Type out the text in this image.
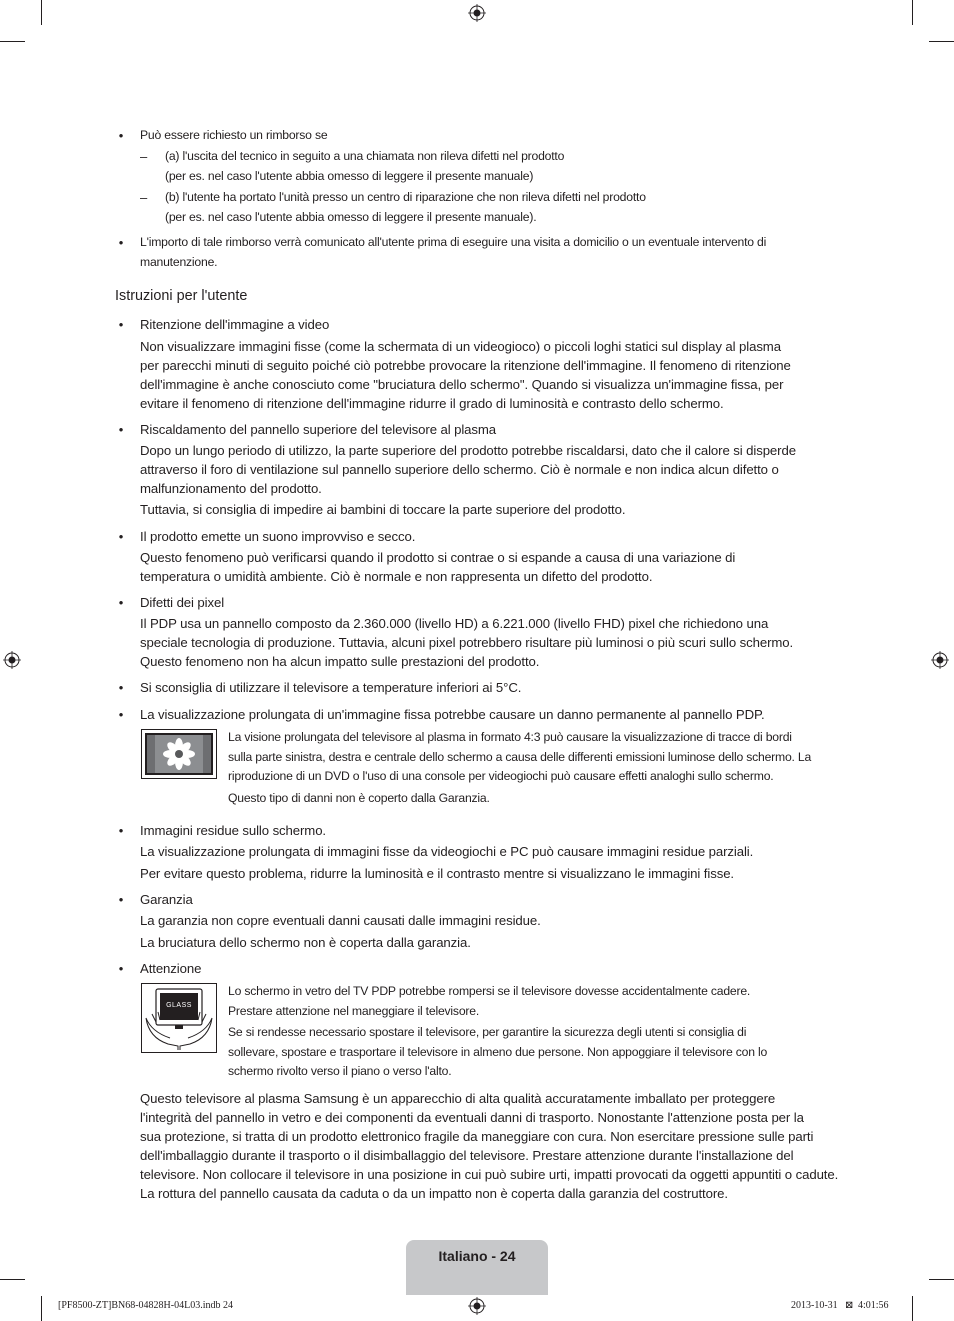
• Può essere richiesto un rimborso se
– (a) l'uscita del tecnico in seguito a una chiamata non rileva difetti nel prodotto
(per es. nel caso l'utente abbia omesso di leggere il presente manuale)
– (b) l'utente ha portato l'unità presso un centro di riparazione che non rileva difetti nel prodotto
(per es. nel caso l'utente abbia omesso di leggere il presente manuale).
• L'importo di tale rimborso verrà comunicato all'utente prima di eseguire una visita a domicilio o un eventuale intervento di
manutenzione.
Istruzioni per l'utente
• Ritenzione dell'immagine a video
Non visualizzare immagini fisse (come la schermata di un videogioco) o piccoli loghi statici sul display al plasma
per parecchi minuti di seguito poiché ciò potrebbe provocare la ritenzione dell'immagine. Il fenomeno di ritenzione
dell'immagine è anche conosciuto come "bruciatura dello schermo". Quando si visualizza un'immagine fissa, per
evitare il fenomeno di ritenzione dell'immagine ridurre il grado di luminosità e contrasto dello schermo.
• Riscaldamento del pannello superiore del televisore al plasma
Dopo un lungo periodo di utilizzo, la parte superiore del prodotto potrebbe riscaldarsi, dato che il calore si disperde
attraverso il foro di ventilazione sul pannello superiore dello schermo. Ciò è normale e non indica alcun difetto o
malfunzionamento del prodotto.
Tuttavia, si consiglia di impedire ai bambini di toccare la parte superiore del prodotto.
• Il prodotto emette un suono improvviso e secco.
Questo fenomeno può verificarsi quando il prodotto si contrae o si espande a causa di una variazione di
temperatura o umidità ambiente. Ciò è normale e non rappresenta un difetto del prodotto.
• Difetti dei pixel
Il PDP usa un pannello composto da 2.360.000 (livello HD) a 6.221.000 (livello FHD) pixel che richiedono una
speciale tecnologia di produzione. Tuttavia, alcuni pixel potrebbero risultare più luminosi o più scuri sullo schermo.
Questo fenomeno non ha alcun impatto sulle prestazioni del prodotto.
• Si sconsiglia di utilizzare il televisore a temperature inferiori ai 5°C.
• La visualizzazione prolungata di un'immagine fissa potrebbe causare un danno permanente al pannello PDP.
La visione prolungata del televisore al plasma in formato 4:3 può causare la visualizzazione di tracce di bordi
sulla parte sinistra, destra e centrale dello schermo a causa delle differenti emissioni luminose dello schermo. La
riproduzione di un DVD o l'uso di una console per videogiochi può causare effetti analoghi sullo schermo.
Questo tipo di danni non è coperto dalla Garanzia.
• Immagini residue sullo schermo.
La visualizzazione prolungata di immagini fisse da videogiochi e PC può causare immagini residue parziali.
Per evitare questo problema, ridurre la luminosità e il contrasto mentre si visualizzano le immagini fisse.
• Garanzia
La garanzia non copre eventuali danni causati dalle immagini residue.
La bruciatura dello schermo non è coperta dalla garanzia.
• Attenzione
GLASS
Lo schermo in vetro del TV PDP potrebbe rompersi se il televisore dovesse accidentalmente cadere.
Prestare attenzione nel maneggiare il televisore.
Se si rendesse necessario spostare il televisore, per garantire la sicurezza degli utenti si consiglia di
sollevare, spostare e trasportare il televisore in almeno due persone. Non appoggiare il televisore con lo
schermo rivolto verso il piano o verso l'alto.
Questo televisore al plasma Samsung è un apparecchio di alta qualità accuratamente imballato per proteggere
l'integrità del pannello in vetro e dei componenti da eventuali danni di trasporto. Nonostante l'attenzione posta per la
sua protezione, si tratta di un prodotto elettronico fragile da maneggiare con cura. Non esercitare pressione sulle parti
dell'imballaggio durante il trasporto o il disimballaggio del televisore. Prestare attenzione durante l'installazione del
televisore. Non collocare il televisore in una posizione in cui può subire urti, impatti provocati da oggetti appuntiti o cadute.
La rottura del pannello causata da caduta o da un impatto non è coperta dalla garanzia del costruttore.
Italiano - 24
[PF8500-ZT]BN68-04828H-04L03.indb 24	2013-10-31 ⊠ 4:01:56
